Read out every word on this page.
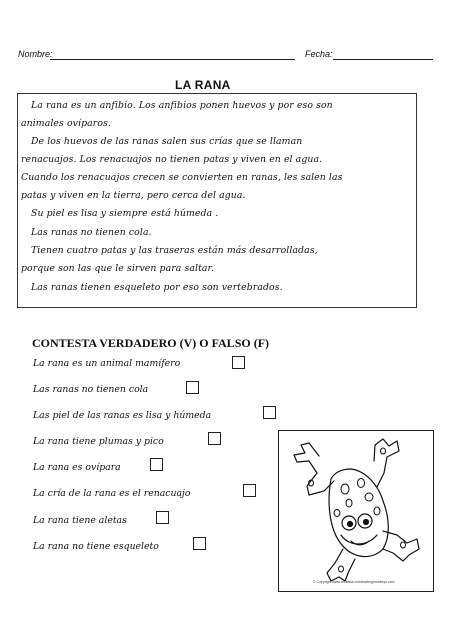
Nombre:	Fecha:
LA RANA
La rana es un anfibio. Los anfibios ponen huevos y por eso son
animales ovíparos.
De los huevos de las ranas salen sus crías que se llaman
renacuajos. Los renacuajos no tienen patas y viven en el agua.
Cuando los renacuajos crecen se convierten en ranas, les salen las
patas y viven en la tierra, pero cerca del agua.
Su piel es lisa y siempre está húmeda .
Las ranas no tienen cola.
Tienen cuatro patas y las traseras están más desarrolladas,
porque son las que le sirven para saltar.
Las ranas tienen esqueleto por eso son vertebrados.
CONTESTA VERDADERO (V) O FALSO (F)
La rana es un animal mamífero
Las ranas no tienen cola
Las piel de las ranas es lisa y húmeda
La rana tiene plumas y pico
La rana es ovípara
La cría de la rana es el renacuajo
La rana tiene aletas
La rana no tiene esqueleto
© Copyright www.recitada.colorearfrogmonkeys.com
